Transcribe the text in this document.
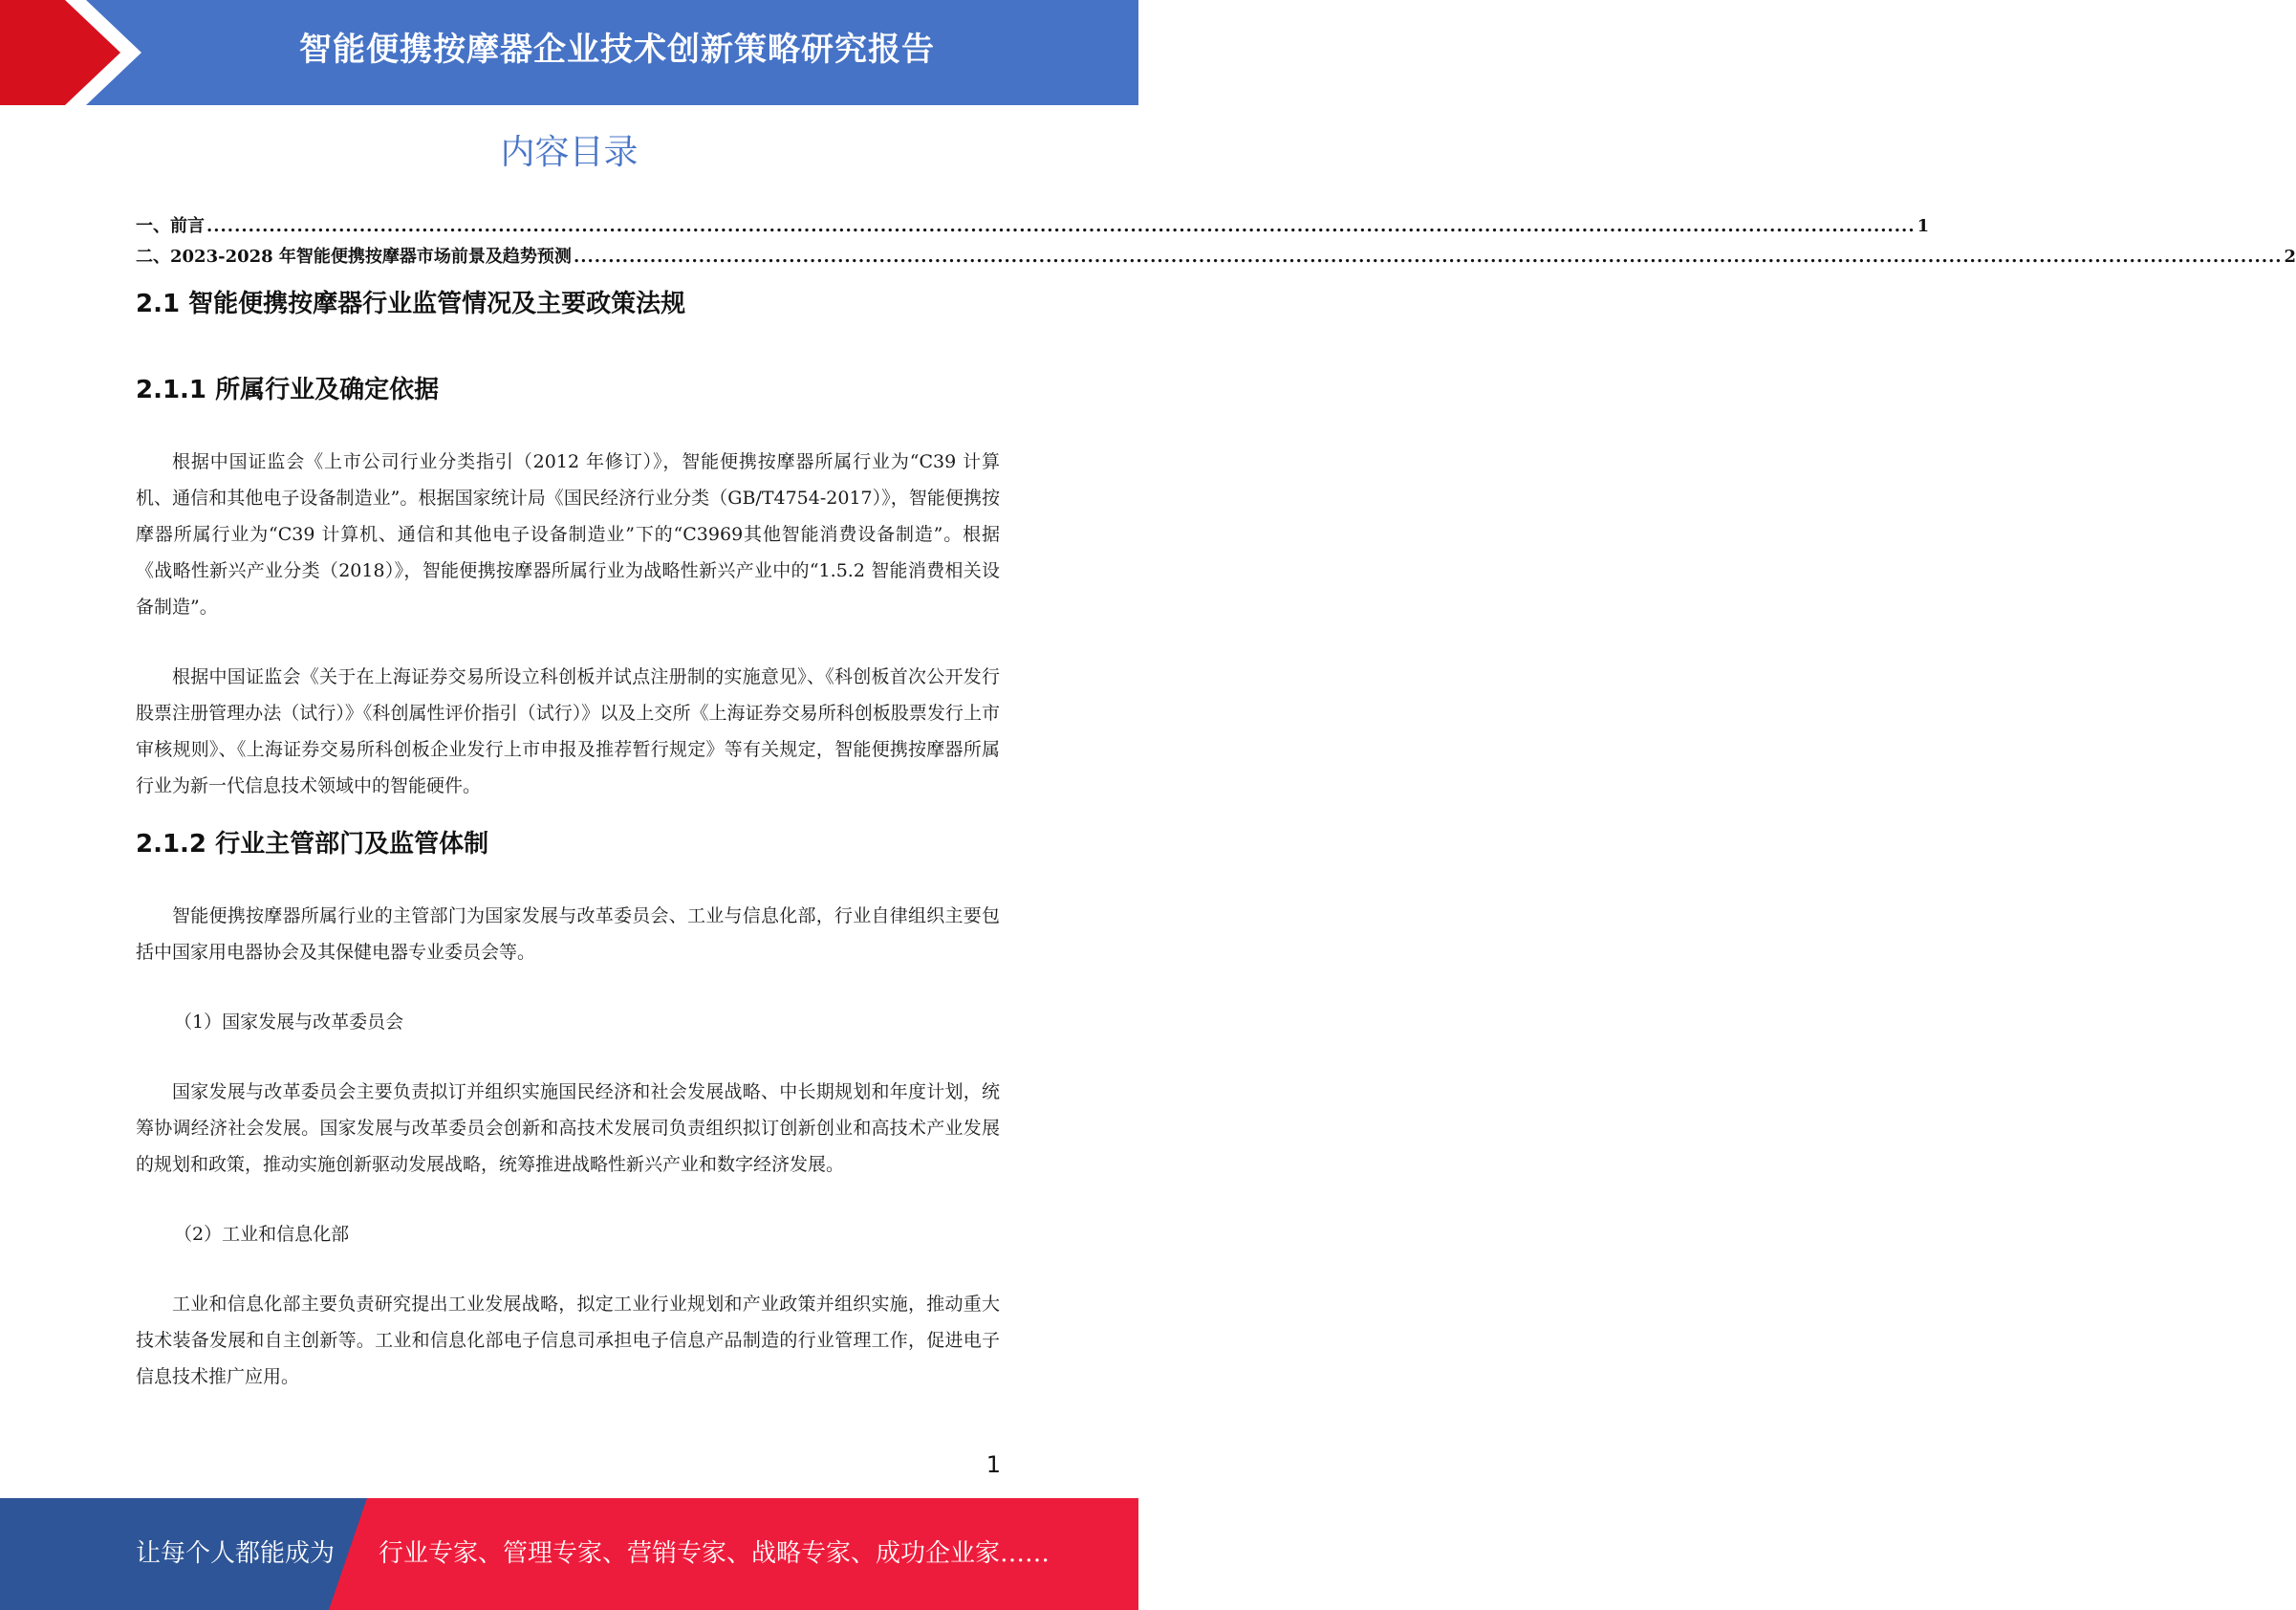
智能便携按摩器企业技术创新策略研究报告
内容目录
一、前言 ...................................................................................................................................................................................................................................................... 1
二、2023-2028 年智能便携按摩器市场前景及趋势预测 ...................................................................................................................................................................................................................................................... 2
2.1 智能便携按摩器行业监管情况及主要政策法规
2.1.1 所属行业及确定依据

根据中国证监会《上市公司行业分类指引（2012 年修订）》，智能便携按摩器所属行业为“C39 计算机、通信和其他电子设备制造业”。根据国家统计局《国民经济行业分类（GB/T4754-2017）》，智能便携按摩器所属行业为“C39 计算机、通信和其他电子设备制造业”下的“C3969其他智能消费设备制造”。根据《战略性新兴产业分类（2018）》，智能便携按摩器所属行业为战略性新兴产业中的“1.5.2 智能消费相关设备制造”。

根据中国证监会《关于在上海证券交易所设立科创板并试点注册制的实施意见》、《科创板首次公开发行股票注册管理办法（试行）》《科创属性评价指引（试行）》以及上交所《上海证券交易所科创板股票发行上市审核规则》、《上海证券交易所科创板企业发行上市申报及推荐暂行规定》等有关规定，智能便携按摩器所属行业为新一代信息技术领域中的智能硬件。

2.1.2 行业主管部门及监管体制

智能便携按摩器所属行业的主管部门为国家发展与改革委员会、工业与信息化部，行业自律组织主要包括中国家用电器协会及其保健电器专业委员会等。

（1）国家发展与改革委员会

国家发展与改革委员会主要负责拟订并组织实施国民经济和社会发展战略、中长期规划和年度计划，统筹协调经济社会发展。国家发展与改革委员会创新和高技术发展司负责组织拟订创新创业和高技术产业发展的规划和政策，推动实施创新驱动发展战略，统筹推进战略性新兴产业和数字经济发展。

（2）工业和信息化部

工业和信息化部主要负责研究提出工业发展战略，拟定工业行业规划和产业政策并组织实施，推动重大技术装备发展和自主创新等。工业和信息化部电子信息司承担电子信息产品制造的行业管理工作，促进电子信息技术推广应用。

1
让每个人都能成为 行业专家、管理专家、营销专家、战略专家、成功企业家……
